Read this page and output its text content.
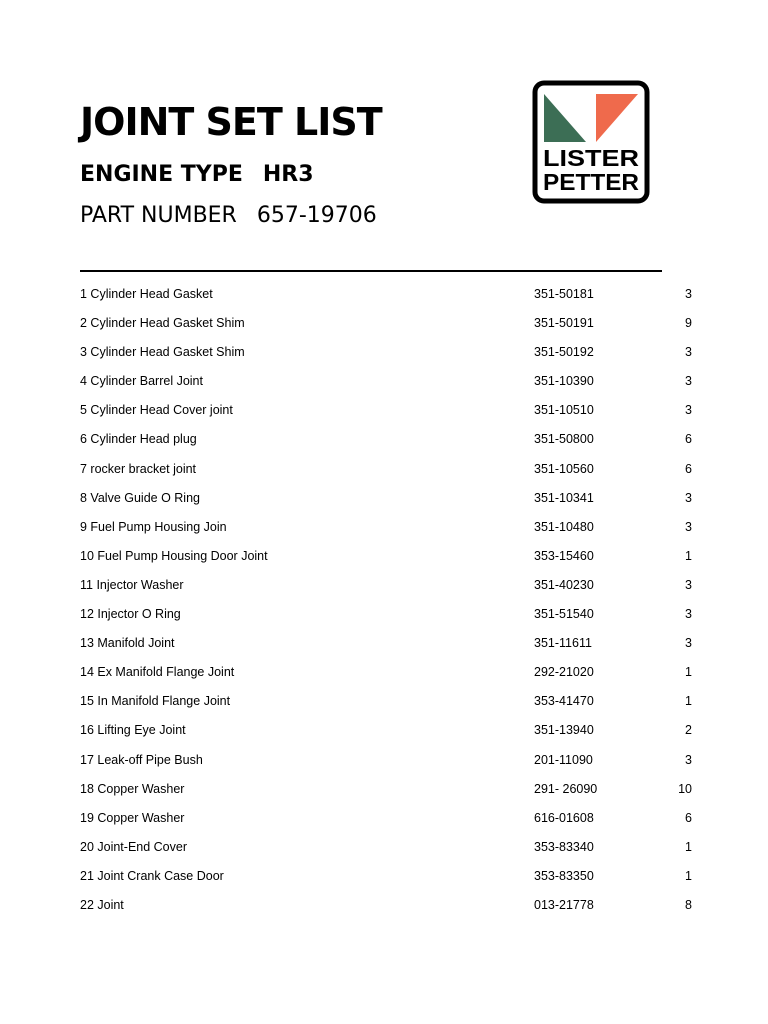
JOINT SET LIST
ENGINE TYPE HR3
PART NUMBER 657-19706
LISTER
PETTER
1 Cylinder Head Gasket	351-50181	3
2 Cylinder Head Gasket Shim	351-50191	9
3 Cylinder Head Gasket Shim	351-50192	3
4 Cylinder Barrel Joint	351-10390	3
5 Cylinder Head Cover joint	351-10510	3
6 Cylinder Head plug	351-50800	6
7 rocker bracket joint	351-10560	6
8 Valve Guide O Ring	351-10341	3
9 Fuel Pump Housing Join	351-10480	3
10 Fuel Pump Housing Door Joint	353-15460	1
11 Injector Washer	351-40230	3
12 Injector O Ring	351-51540	3
13 Manifold Joint	351-11611	3
14 Ex Manifold Flange Joint	292-21020	1
15 In Manifold Flange Joint	353-41470	1
16 Lifting Eye Joint	351-13940	2
17 Leak-off Pipe Bush	201-11090	3
18 Copper Washer	291- 26090	10
19 Copper Washer	616-01608	6
20 Joint-End Cover	353-83340	1
21 Joint Crank Case Door	353-83350	1
22 Joint	013-21778	8
